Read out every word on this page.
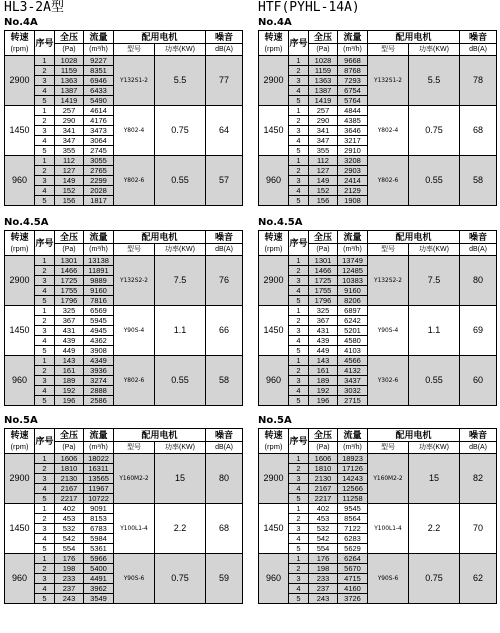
HL3-2A型
No.4A
转速
(rpm)	序号	全压	流量	配用电机		噪音
		(Pa)	(m³/h)	型号	功率(KW)	dB(A)
2900	1	1028	9227	Y132S1-2	5.5	77
	2	1159	8351			
	3	1363	6946			
	4	1387	6433			
	5	1419	5490			
1450	1	257	4614	Y802-4	0.75	64
	2	290	4176			
	3	341	3473			
	4	347	3064			
	5	355	2745			
960	1	112	3055	Y802-6	0.55	57
	2	127	2765			
	3	149	2299			
	4	152	2028			
	5	156	1817			
No.4.5A
转速
(rpm)	序号	全压	流量	配用电机		噪音
		(Pa)	(m³/h)	型号	功率(KW)	dB(A)
2900	1	1301	13138	Y132S2-2	7.5	76
	2	1466	11891			
	3	1725	9889			
	4	1755	9160			
	5	1796	7816			
1450	1	325	6569	Y90S-4	1.1	66
	2	367	5945			
	3	431	4945			
	4	439	4362			
	5	449	3908			
960	1	143	4349	Y802-6	0.55	58
	2	161	3936			
	3	189	3274			
	4	192	2888			
	5	196	2586			
No.5A
转速
(rpm)	序号	全压	流量	配用电机		噪音
		(Pa)	(m³/h)	型号	功率(KW)	dB(A)
2900	1	1606	18022	Y160M2-2	15	80
	2	1810	16311			
	3	2130	13565			
	4	2167	11967			
	5	2217	10722			
1450	1	402	9091	Y100L1-4	2.2	68
	2	453	8153			
	3	532	6783			
	4	542	5984			
	5	554	5361			
960	1	176	5966	Y90S-6	0.75	59
	2	198	5400			
	3	233	4491			
	4	237	3962			
	5	243	3549			
HTF(PYHL-14A)
No.4A
转速
(rpm)	序号	全压	流量	配用电机		噪音
		(Pa)	(m³/h)	型号	功率(KW)	dB(A)
2900	1	1028	9668	Y132S1-2	5.5	78
	2	1159	8768			
	3	1363	7293			
	4	1387	6754			
	5	1419	5764			
1450	1	257	4844	Y802-4	0.75	68
	2	290	4385			
	3	341	3646			
	4	347	3217			
	5	355	2910			
960	1	112	3208	Y802-6	0.55	58
	2	127	2903			
	3	149	2414			
	4	152	2129			
	5	156	1908			
No.4.5A
转速
(rpm)	序号	全压	流量	配用电机		噪音
		(Pa)	(m³/h)	型号	功率(KW)	dB(A)
2900	1	1301	13749	Y132S2-2	7.5	80
	2	1466	12485			
	3	1725	10383			
	4	1755	9160			
	5	1796	8206			
1450	1	325	6897	Y90S-4	1.1	69
	2	367	6242			
	3	431	5201			
	4	439	4580			
	5	449	4103			
960	1	143	4566	Y302-6	0.55	60
	2	161	4132			
	3	189	3437			
	4	192	3032			
	5	196	2715			
No.5A
转速
(rpm)	序号	全压	流量	配用电机		噪音
		(Pa)	(m³/h)	型号	功率(KW)	dB(A)
2900	1	1606	18923	Y160M2-2	15	82
	2	1810	17126			
	3	2130	14243			
	4	2167	12566			
	5	2217	11258			
1450	1	402	9545	Y100L1-4	2.2	70
	2	453	8564			
	3	532	7122			
	4	542	6283			
	5	554	5629			
960	1	176	6264	Y90S-6	0.75	62
	2	198	5670			
	3	233	4715			
	4	237	4160			
	5	243	3726			
